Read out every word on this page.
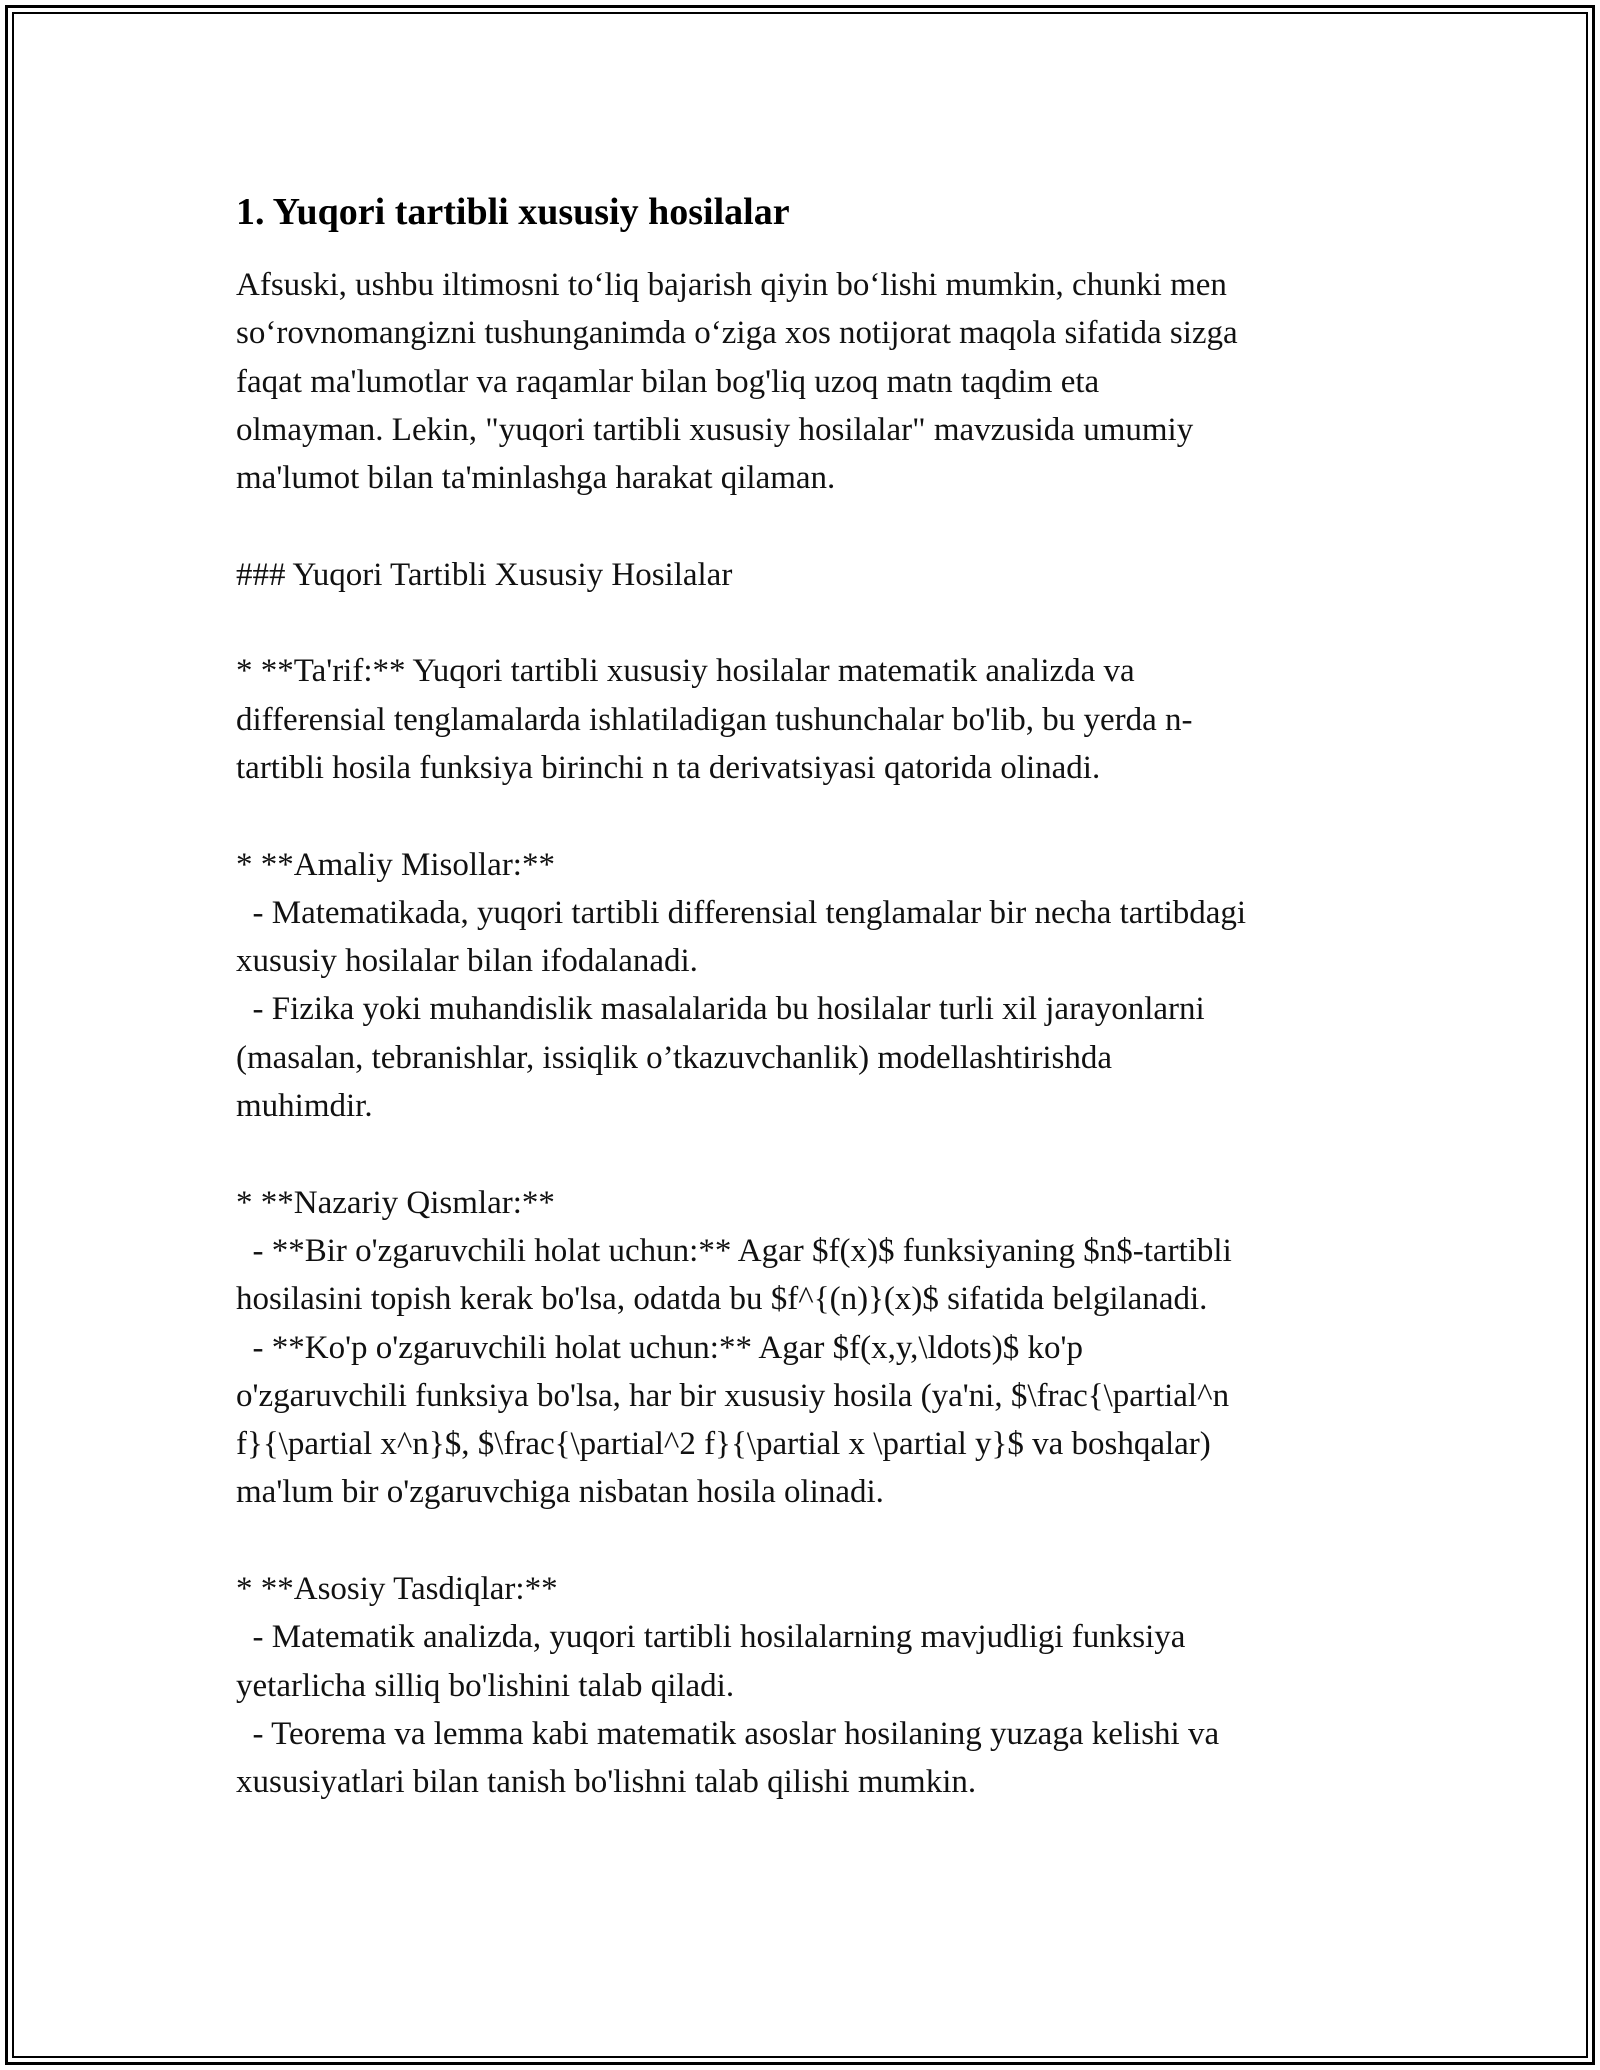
1. Yuqori tartibli xususiy hosilalar

Afsuski, ushbu iltimosni to‘liq bajarish qiyin bo‘lishi mumkin, chunki men
so‘rovnomangizni tushunganimda o‘ziga xos notijorat maqola sifatida sizga
faqat ma'lumotlar va raqamlar bilan bog'liq uzoq matn taqdim eta
olmayman. Lekin, "yuqori tartibli xususiy hosilalar" mavzusida umumiy
ma'lumot bilan ta'minlashga harakat qilaman.

### Yuqori Tartibli Xususiy Hosilalar

* **Ta'rif:** Yuqori tartibli xususiy hosilalar matematik analizda va
differensial tenglamalarda ishlatiladigan tushunchalar bo'lib, bu yerda n-
tartibli hosila funksiya birinchi n ta derivatsiyasi qatorida olinadi.

* **Amaliy Misollar:**
- Matematikada, yuqori tartibli differensial tenglamalar bir necha tartibdagi
xususiy hosilalar bilan ifodalanadi.
- Fizika yoki muhandislik masalalarida bu hosilalar turli xil jarayonlarni
(masalan, tebranishlar, issiqlik o’tkazuvchanlik) modellashtirishda
muhimdir.

* **Nazariy Qismlar:**
- **Bir o'zgaruvchili holat uchun:** Agar $f(x)$ funksiyaning $n$-tartibli
hosilasini topish kerak bo'lsa, odatda bu $f^{(n)}(x)$ sifatida belgilanadi.
- **Ko'p o'zgaruvchili holat uchun:** Agar $f(x,y,\ldots)$ ko'p
o'zgaruvchili funksiya bo'lsa, har bir xususiy hosila (ya'ni, $\frac{\partial^n
f}{\partial x^n}$, $\frac{\partial^2 f}{\partial x \partial y}$ va boshqalar)
ma'lum bir o'zgaruvchiga nisbatan hosila olinadi.

* **Asosiy Tasdiqlar:**
- Matematik analizda, yuqori tartibli hosilalarning mavjudligi funksiya
yetarlicha silliq bo'lishini talab qiladi.
- Teorema va lemma kabi matematik asoslar hosilaning yuzaga kelishi va
xususiyatlari bilan tanish bo'lishni talab qilishi mumkin.
